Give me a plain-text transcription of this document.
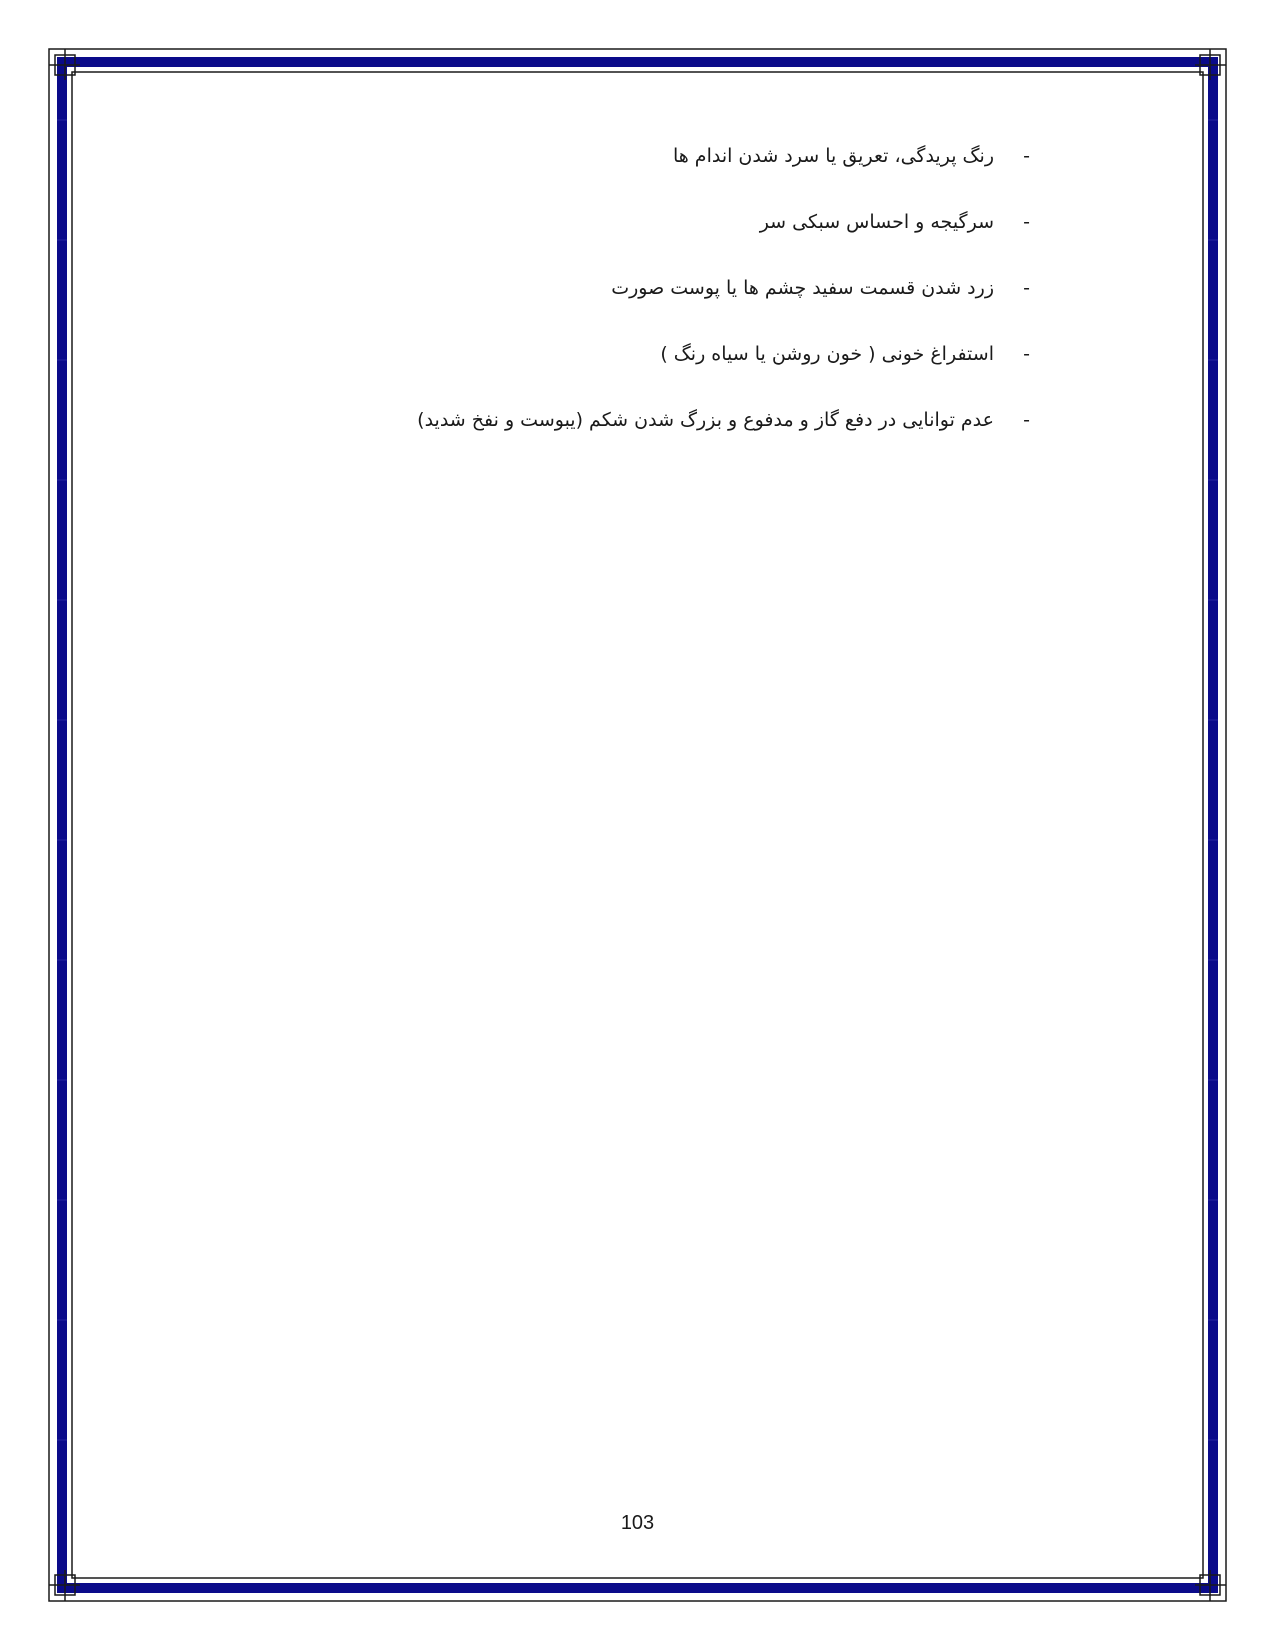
-
رنگ پریدگی، تعریق یا سرد شدن اندام ها
-
سرگیجه و احساس سبکی سر
-
زرد شدن قسمت سفید چشم ها یا پوست صورت
-
استفراغ خونی ( خون روشن یا سیاه رنگ )
-
عدم توانایی در دفع گاز و مدفوع و بزرگ شدن شکم (یبوست و نفخ شدید)
103
